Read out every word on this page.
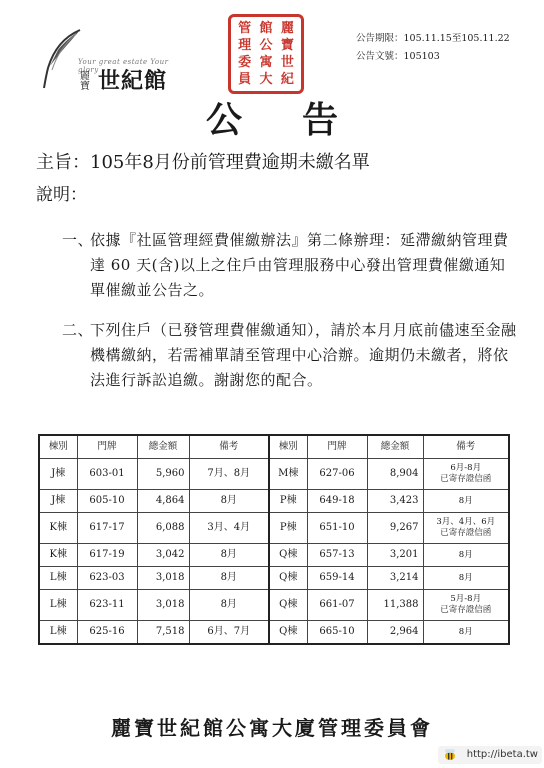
Your great estate Your glory
麗寶 世紀館
管 館 麗
理 公 寶
委 寓 世
員 大 紀
公告期限：105.11.15至105.11.22
公告文號：105103
公告
主旨：105年8月份前管理費逾期未繳名單
說明：
一、
依據『社區管理經費催繳辦法』第二條辦理：延滯繳納管理費達 60 天(含)以上之住戶由管理服務中心發出管理費催繳通知單催繳並公告之。
二、
下列住戶（已發管理費催繳通知），請於本月月底前儘速至金融機構繳納，若需補單請至管理中心洽辦。逾期仍未繳者，將依法進行訴訟追繳。謝謝您的配合。
棟別	門牌	總金額	備考	棟別	門牌	總金額	備考
J棟	603-01	5,960	7月、8月	M棟	627-06	8,904	6月-8月
已寄存證信函
J棟	605-10	4,864	8月	P棟	649-18	3,423	8月
K棟	617-17	6,088	3月、4月	P棟	651-10	9,267	3月、4月、6月
已寄存證信函
K棟	617-19	3,042	8月	Q棟	657-13	3,201	8月
L棟	623-03	3,018	8月	Q棟	659-14	3,214	8月
L棟	623-11	3,018	8月	Q棟	661-07	11,388	5月-8月
已寄存證信函
L棟	625-16	7,518	6月、7月	Q棟	665-10	2,964	8月
麗寶世紀館公寓大廈管理委員會
http://ibeta.tw
